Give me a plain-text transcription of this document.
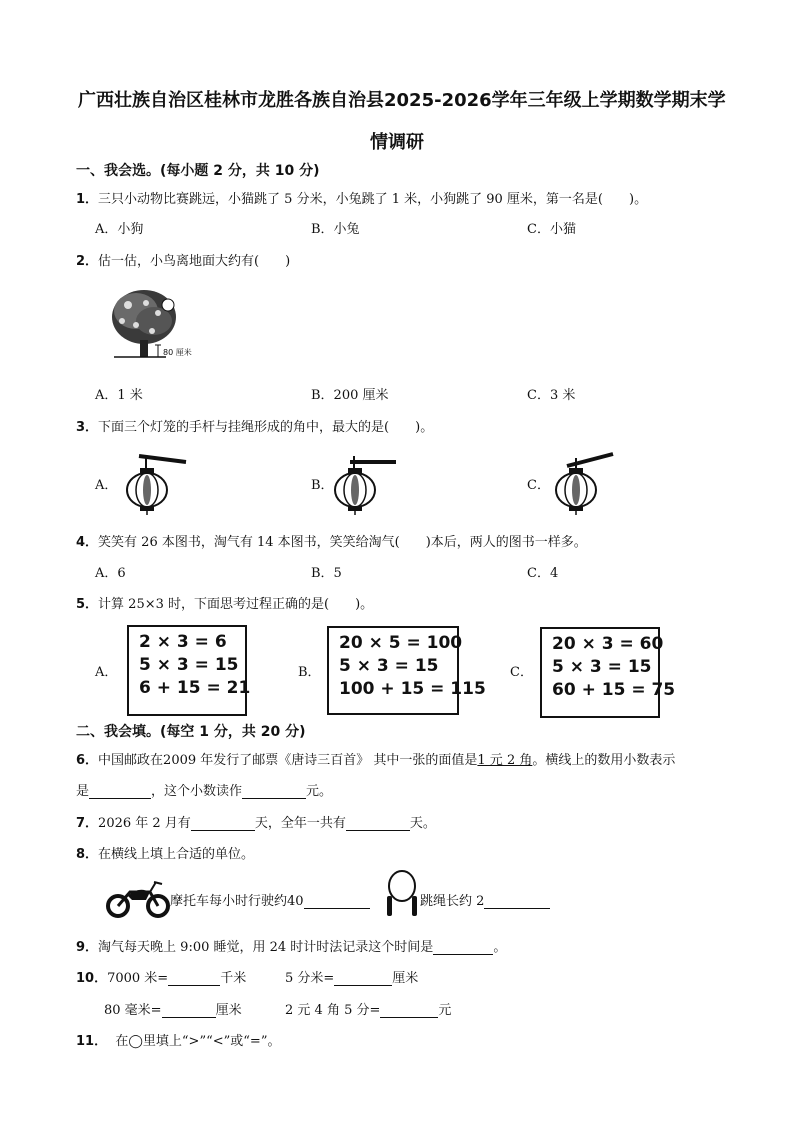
广西壮族自治区桂林市龙胜各族自治县2025-2026学年三年级上学期数学期末学
情调研
一、我会选。(每小题 2 分，共 10 分)
1．三只小动物比赛跳远，小猫跳了 5 分米，小兔跳了 1 米，小狗跳了 90 厘米，第一名是(　　)。
A．小狗	B．小兔	C．小猫
2．估一估，小鸟离地面大约有(　　)
80 厘米
A．1 米	B．200 厘米	C．3 米
3．下面三个灯笼的手杆与挂绳形成的角中，最大的是(　　)。
A．	B．	C．
4．笑笑有 26 本图书，淘气有 14 本图书，笑笑给淘气(　　)本后，两人的图书一样多。
A．6	B．5	C．4
5．计算 25×3 时，下面思考过程正确的是(　　)。
A．
2 × 3 = 6
5 × 3 = 15
6 + 15 = 21
B．
20 × 5 = 100
5 × 3 = 15
100 + 15 = 115
C．
20 × 3 = 60
5 × 3 = 15
60 + 15 = 75
二、我会填。(每空 1 分，共 20 分)
6．中国邮政在2009 年发行了邮票《唐诗三百首》 其中一张的面值是1 元 2 角。横线上的数用小数表示
是	，这个小数读作	元。
7．2026 年 2 月有	天，全年一共有	天。
8．在横线上填上合适的单位。
摩托车每小时行驶约40	跳绳长约 2
9．淘气每天晚上 9:00 睡觉，用 24 时计时法记录这个时间是	。
10．7000 米=	千米	5 分米=	厘米
80 毫米=	厘米	2 元 4 角 5 分=	元
11． 在◯里填上“>”“<”或“=”。
